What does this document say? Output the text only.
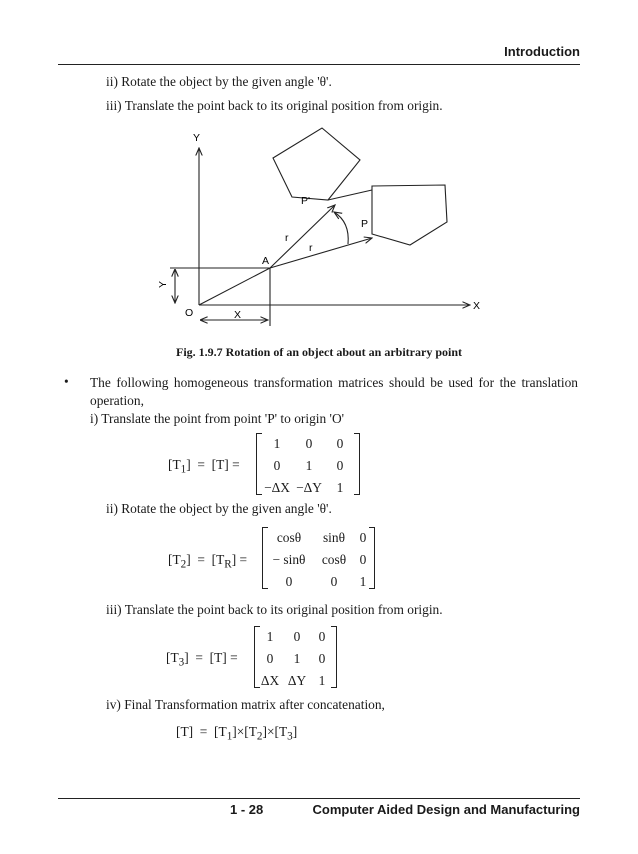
Introduction
ii) Rotate the object by the given angle 'θ'.
iii) Translate the point back to its original position from origin.
Y
X
O	X
Y
A
P
P'
r
r
Fig. 1.9.7 Rotation of an object about an arbitrary point
• The following homogeneous transformation matrices should be used for the translation operation,
i) Translate the point from point 'P' to origin 'O'
$[T_1] = [T]$ =
1	0	0
0	1	0
−ΔX −ΔY	1
ii) Rotate the object by the given angle 'θ'.
$[T_2] = [T_R]$ =
cosθ	sinθ	0
− sinθ	cosθ	0
0	0	1
iii) Translate the point back to its original position from origin.
$[T_3] = [T]$ =
1	0	0
0	1	0
ΔX ΔY 1
iv) Final Transformation matrix after concatenation,
$[T] = [T_1]\times[T_2]\times[T_3]$
1 - 28	Computer Aided Design and Manufacturing
